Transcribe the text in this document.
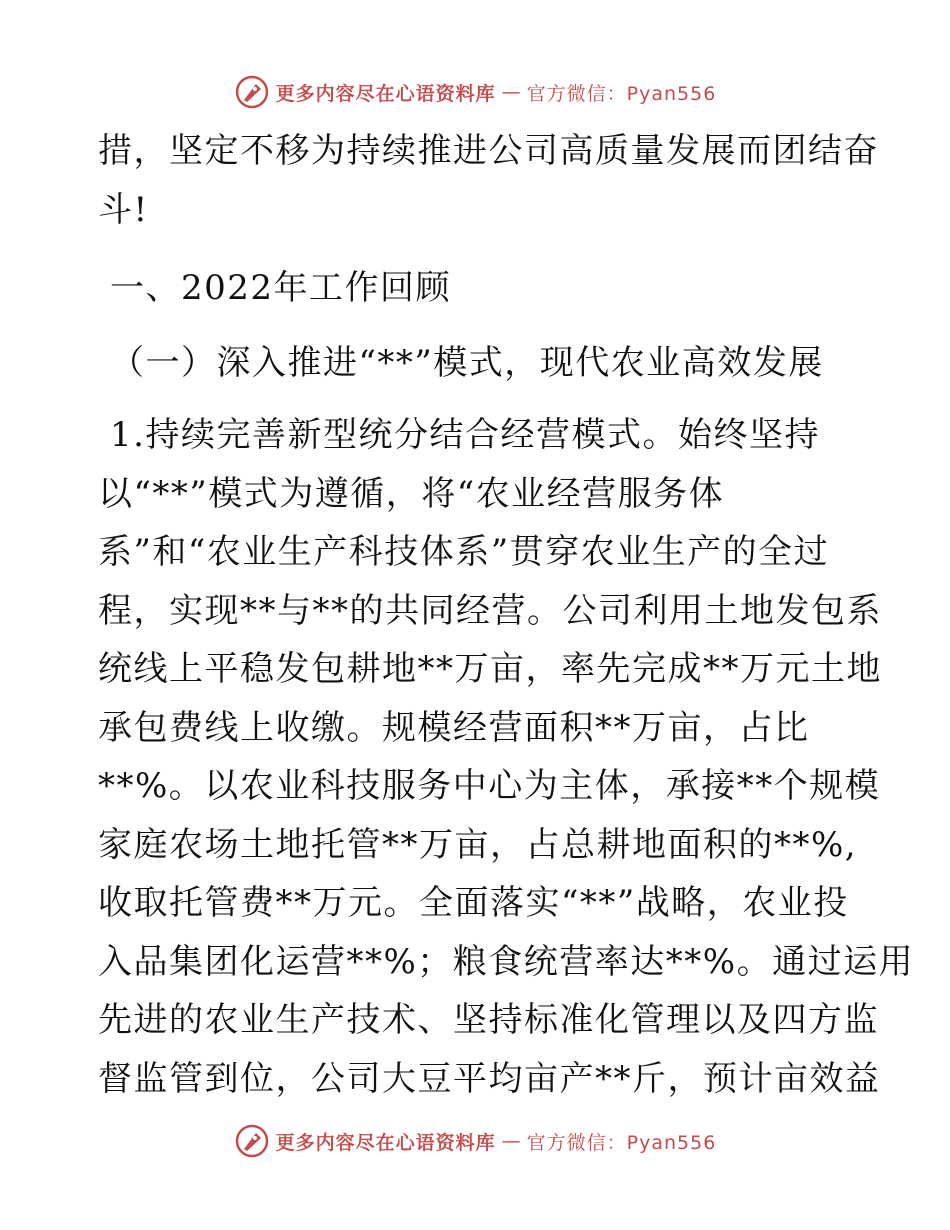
更多内容尽在心语资料库 — 官方微信：Pyan556
措，坚定不移为持续推进公司高质量发展而团结奋
斗!
一、2022年工作回顾
（一）深入推进“**”模式，现代农业高效发展
1.持续完善新型统分结合经营模式。始终坚持
以“**”模式为遵循，将“农业经营服务体
系”和“农业生产科技体系”贯穿农业生产的全过
程，实现**与**的共同经营。公司利用土地发包系
统线上平稳发包耕地**万亩，率先完成**万元土地
承包费线上收缴。规模经营面积**万亩，占比
**%。以农业科技服务中心为主体，承接**个规模
家庭农场土地托管**万亩，占总耕地面积的**%,
收取托管费**万元。全面落实“**”战略，农业投
入品集团化运营**%；粮食统营率达**%。通过运用
先进的农业生产技术、坚持标准化管理以及四方监
督监管到位，公司大豆平均亩产**斤，预计亩效益
更多内容尽在心语资料库 — 官方微信：Pyan556
